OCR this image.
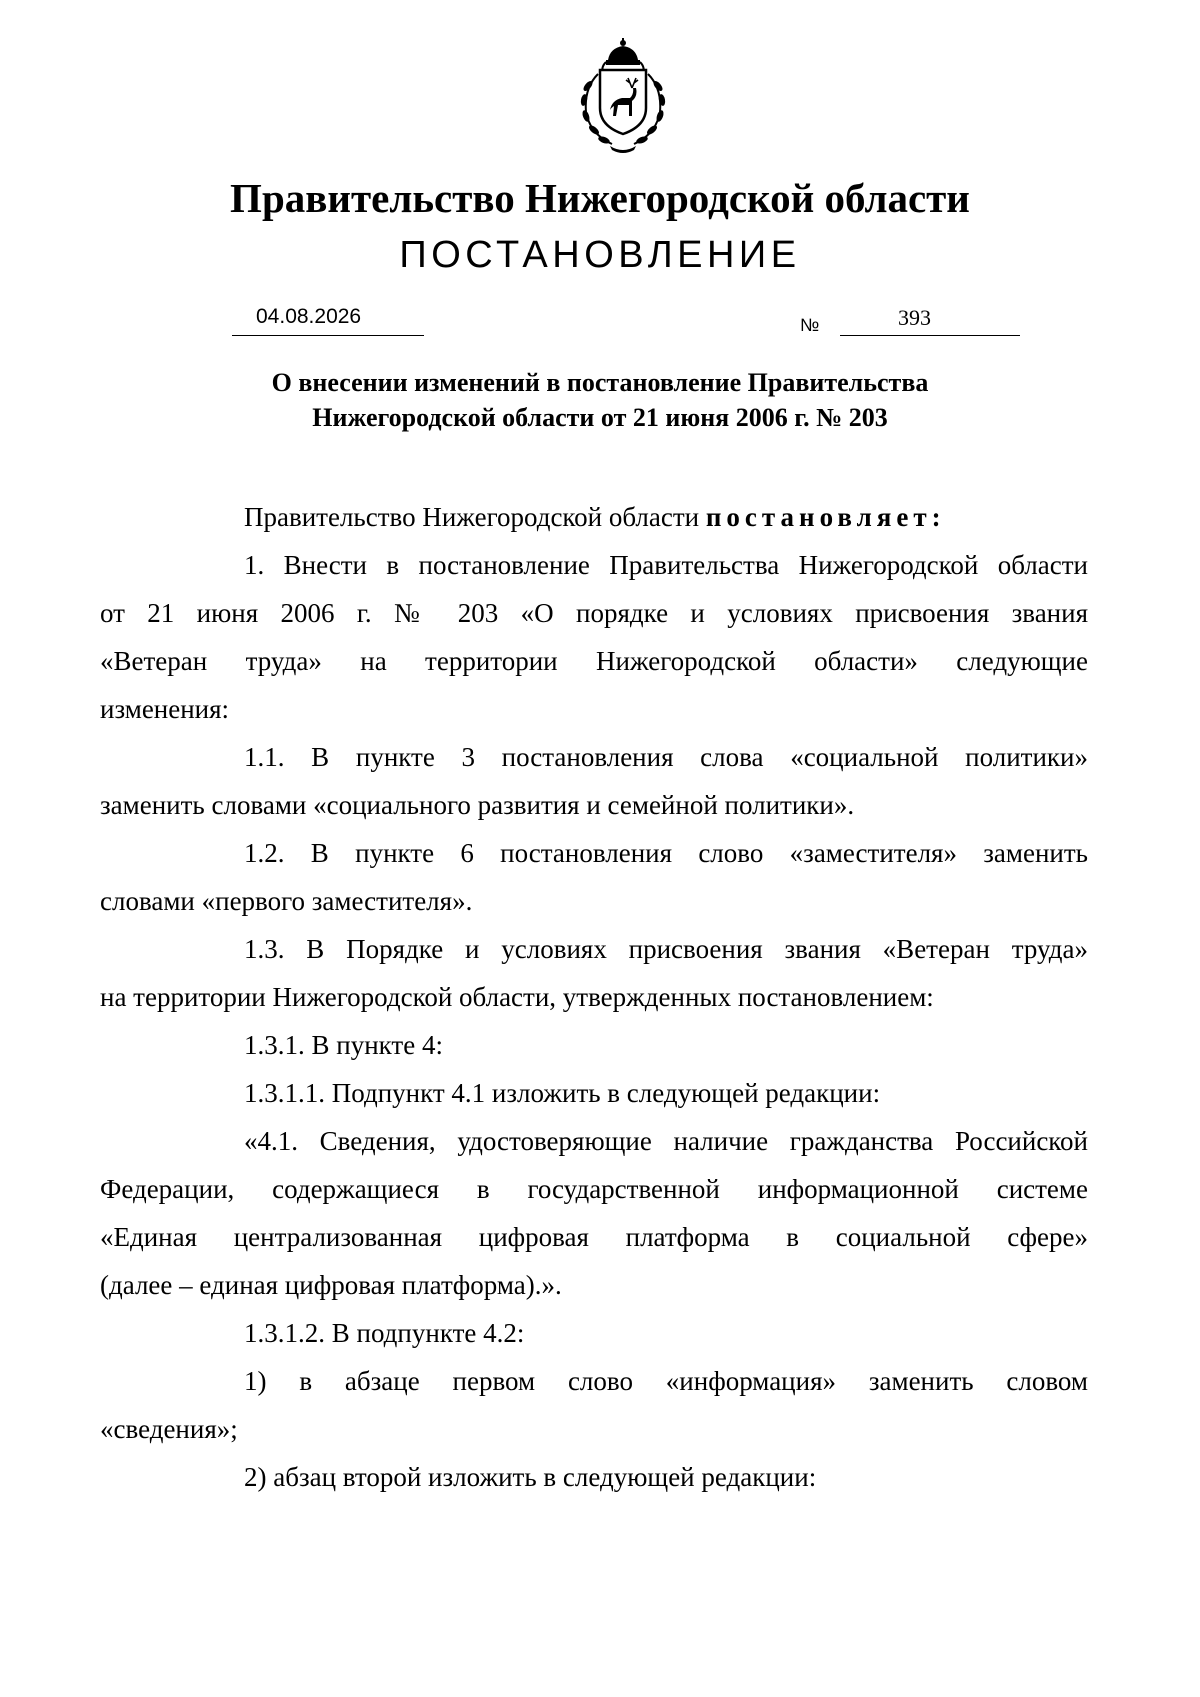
Правительство Нижегородской области
ПОСТАНОВЛЕНИЕ
04.08.2026	№	393
О внесении изменений в постановление Правительства
Нижегородской области от 21 июня 2006 г. № 203

Правительство Нижегородской области постановляет:

1. Внести в постановление Правительства Нижегородской области
от 21 июня 2006 г. № 203 «О порядке и условиях присвоения звания
«Ветеран труда» на территории Нижегородской области» следующие
изменения:

1.1. В пункте 3 постановления слова «социальной политики»
заменить словами «социального развития и семейной политики».

1.2. В пункте 6 постановления слово «заместителя» заменить
словами «первого заместителя».

1.3. В Порядке и условиях присвоения звания «Ветеран труда»
на территории Нижегородской области, утвержденных постановлением:

1.3.1. В пункте 4:

1.3.1.1. Подпункт 4.1 изложить в следующей редакции:

«4.1. Сведения, удостоверяющие наличие гражданства Российской
Федерации, содержащиеся в государственной информационной системе
«Единая централизованная цифровая платформа в социальной сфере»
(далее – единая цифровая платформа).».

1.3.1.2. В подпункте 4.2:

1) в абзаце первом слово «информация» заменить словом
«сведения»;

2) абзац второй изложить в следующей редакции:
